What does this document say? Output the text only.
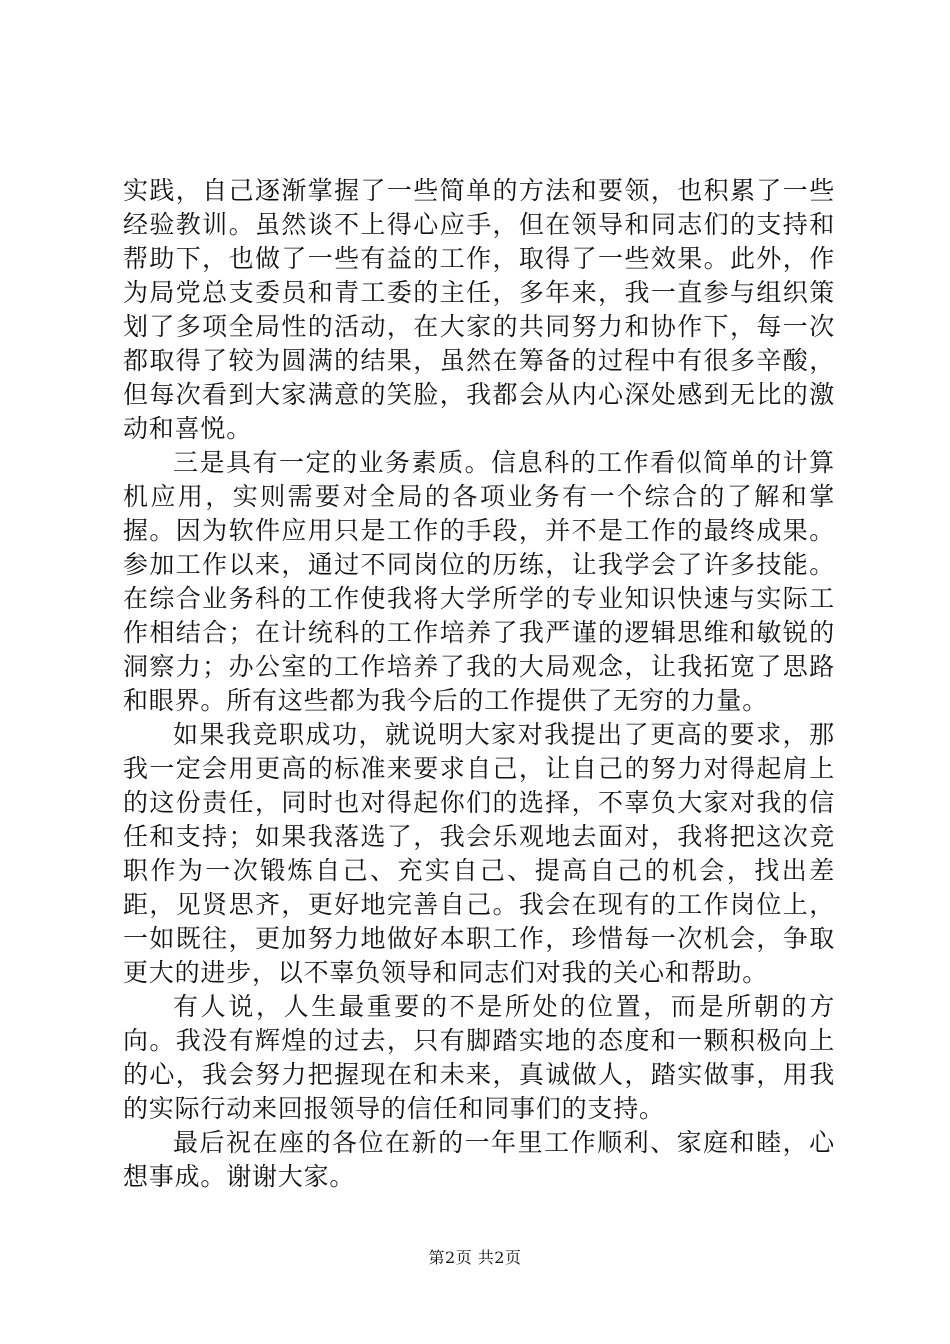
实践，自己逐渐掌握了一些简单的方法和要领，也积累了一些经验教训。虽然谈不上得心应手，但在领导和同志们的支持和帮助下，也做了一些有益的工作，取得了一些效果。此外，作为局党总支委员和青工委的主任，多年来，我一直参与组织策划了多项全局性的活动，在大家的共同努力和协作下，每一次都取得了较为圆满的结果，虽然在筹备的过程中有很多辛酸，但每次看到大家满意的笑脸，我都会从内心深处感到无比的激动和喜悦。

三是具有一定的业务素质。信息科的工作看似简单的计算机应用，实则需要对全局的各项业务有一个综合的了解和掌握。因为软件应用只是工作的手段，并不是工作的最终成果。参加工作以来，通过不同岗位的历练，让我学会了许多技能。在综合业务科的工作使我将大学所学的专业知识快速与实际工作相结合；在计统科的工作培养了我严谨的逻辑思维和敏锐的洞察力；办公室的工作培养了我的大局观念，让我拓宽了思路和眼界。所有这些都为我今后的工作提供了无穷的力量。

如果我竞职成功，就说明大家对我提出了更高的要求，那我一定会用更高的标准来要求自己，让自己的努力对得起肩上的这份责任，同时也对得起你们的选择，不辜负大家对我的信任和支持；如果我落选了，我会乐观地去面对，我将把这次竞职作为一次锻炼自己、充实自己、提高自己的机会，找出差距，见贤思齐，更好地完善自己。我会在现有的工作岗位上，一如既往，更加努力地做好本职工作，珍惜每一次机会，争取更大的进步，以不辜负领导和同志们对我的关心和帮助。

有人说，人生最重要的不是所处的位置，而是所朝的方向。我没有辉煌的过去，只有脚踏实地的态度和一颗积极向上的心，我会努力把握现在和未来，真诚做人，踏实做事，用我的实际行动来回报领导的信任和同事们的支持。

最后祝在座的各位在新的一年里工作顺利、家庭和睦，心想事成。谢谢大家。

第2页 共2页
